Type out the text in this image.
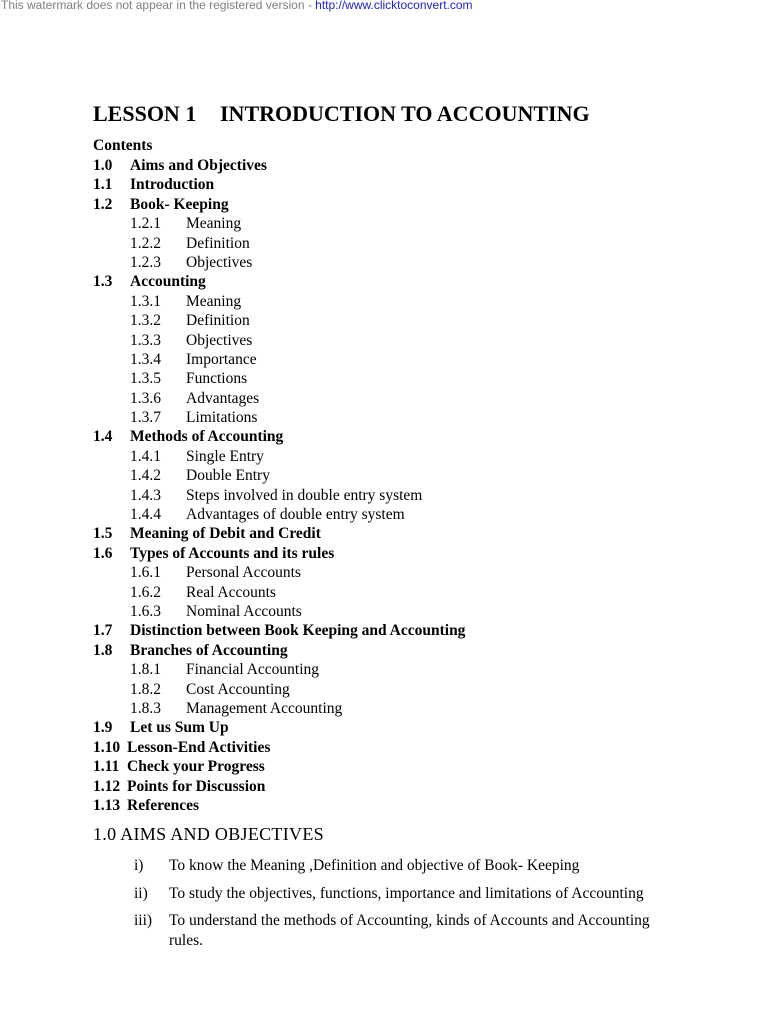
This watermark does not appear in the registered version - http://www.clicktoconvert.com
LESSON 1 INTRODUCTION TO ACCOUNTING
Contents
1.0 Aims and Objectives
1.1 Introduction
1.2 Book- Keeping
1.2.1 Meaning
1.2.2 Definition
1.2.3 Objectives
1.3 Accounting
1.3.1 Meaning
1.3.2 Definition
1.3.3 Objectives
1.3.4 Importance
1.3.5 Functions
1.3.6 Advantages
1.3.7 Limitations
1.4 Methods of Accounting
1.4.1 Single Entry
1.4.2 Double Entry
1.4.3 Steps involved in double entry system
1.4.4 Advantages of double entry system
1.5 Meaning of Debit and Credit
1.6 Types of Accounts and its rules
1.6.1 Personal Accounts
1.6.2 Real Accounts
1.6.3 Nominal Accounts
1.7 Distinction between Book Keeping and Accounting
1.8 Branches of Accounting
1.8.1 Financial Accounting
1.8.2 Cost Accounting
1.8.3 Management Accounting
1.9 Let us Sum Up
1.10 Lesson-End Activities
1.11 Check your Progress
1.12 Points for Discussion
1.13 References
1.0 AIMS AND OBJECTIVES
i)	To know the Meaning ,Definition and objective of Book- Keeping
ii)	To study the objectives, functions, importance and limitations of Accounting
iii)	To understand the methods of Accounting, kinds of Accounts and Accounting rules.
